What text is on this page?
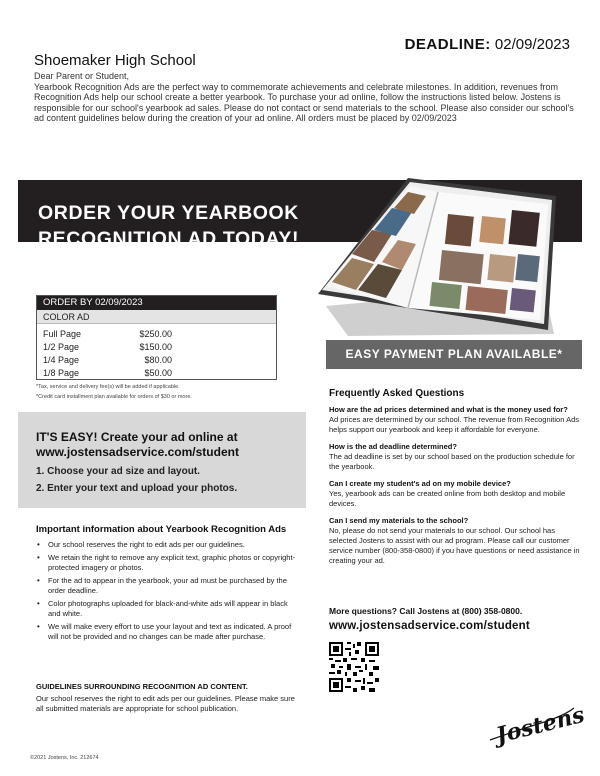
DEADLINE: 02/09/2023
Shoemaker High School
Dear Parent or Student,
Yearbook Recognition Ads are the perfect way to commemorate achievements and celebrate milestones. In addition, revenues from Recognition Ads help our school create a better yearbook. To purchase your ad online, follow the instructions listed below. Jostens is responsible for our school's yearbook ad sales. Please do not contact or send materials to the school. Please also consider our school's ad content guidelines below during the creation of your ad online. All orders must be placed by 02/09/2023
ORDER YOUR YEARBOOK
RECOGNITION AD TODAY!
ORDER BY 02/09/2023
COLOR AD
Full Page	$250.00
1/2 Page	$150.00
1/4 Page	$80.00
1/8 Page	$50.00
*Tax, service and delivery fee(s) will be added if applicable.
*Credit card installment plan available for orders of $30 or more.
EASY PAYMENT PLAN AVAILABLE*
IT'S EASY! Create your ad online at
www.jostensadservice.com/student
1. Choose your ad size and layout.
2. Enter your text and upload your photos.
Important information about Yearbook Recognition Ads
• Our school reserves the right to edit ads per our guidelines.
• We retain the right to remove any explicit text, graphic photos or copyright-protected imagery or photos.
• For the ad to appear in the yearbook, your ad must be purchased by the order deadline.
• Color photographs uploaded for black-and-white ads will appear in black and white.
• We will make every effort to use your layout and text as indicated. A proof will not be provided and no changes can be made after purchase.
GUIDELINES SURROUNDING RECOGNITION AD CONTENT.
Our school reserves the right to edit ads per our guidelines. Please make sure all submitted materials are appropriate for school publication.
Frequently Asked Questions
How are the ad prices determined and what is the money used for?
Ad prices are determined by our school. The revenue from Recognition Ads helps support our yearbook and keep it affordable for everyone.
How is the ad deadline determined?
The ad deadline is set by our school based on the production schedule for the yearbook.
Can I create my student's ad on my mobile device?
Yes, yearbook ads can be created online from both desktop and mobile devices.
Can I send my materials to the school?
No, please do not send your materials to our school. Our school has selected Jostens to assist with our ad program. Please call our customer service number (800-358-0800) if you have questions or need assistance in creating your ad.
More questions? Call Jostens at (800) 358-0800.
www.jostensadservice.com/student
Jostens
©2021 Jostens, Inc. 212674
